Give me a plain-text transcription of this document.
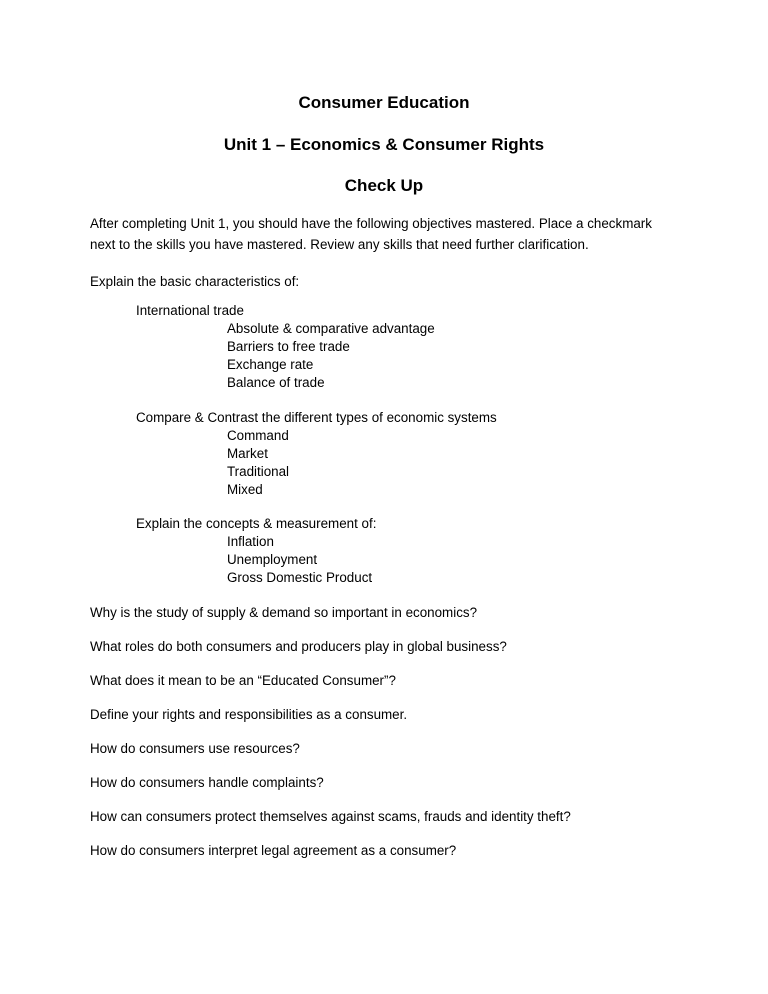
Consumer Education
Unit 1 – Economics & Consumer Rights
Check Up
After completing Unit 1, you should have the following objectives mastered. Place a checkmark
next to the skills you have mastered. Review any skills that need further clarification.
Explain the basic characteristics of:
International trade
Absolute & comparative advantage
Barriers to free trade
Exchange rate
Balance of trade
Compare & Contrast the different types of economic systems
Command
Market
Traditional
Mixed
Explain the concepts & measurement of:
Inflation
Unemployment
Gross Domestic Product
Why is the study of supply & demand so important in economics?
What roles do both consumers and producers play in global business?
What does it mean to be an “Educated Consumer”?
Define your rights and responsibilities as a consumer.
How do consumers use resources?
How do consumers handle complaints?
How can consumers protect themselves against scams, frauds and identity theft?
How do consumers interpret legal agreement as a consumer?
